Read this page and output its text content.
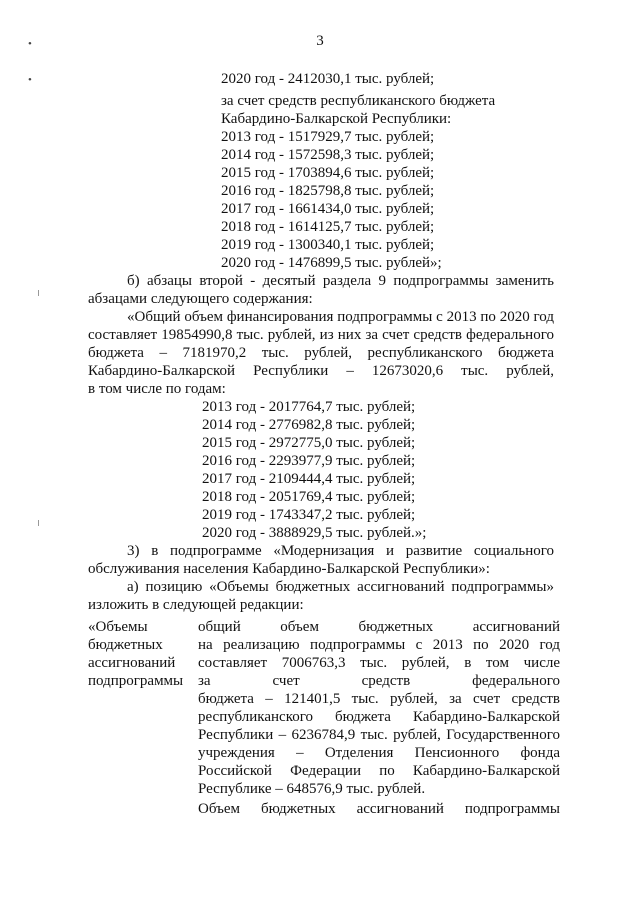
•
•
3
2020 год - 2412030,1 тыс. рублей;
за счет средств республиканского бюджета
Кабардино-Балкарской Республики:
2013 год - 1517929,7 тыс. рублей;
2014 год - 1572598,3 тыс. рублей;
2015 год - 1703894,6 тыс. рублей;
2016 год - 1825798,8 тыс. рублей;
2017 год - 1661434,0 тыс. рублей;
2018 год - 1614125,7 тыс. рублей;
2019 год - 1300340,1 тыс. рублей;
2020 год - 1476899,5 тыс. рублей»;
б) абзацы второй - десятый раздела 9 подпрограммы заменить
абзацами следующего содержания:
«Общий объем финансирования подпрограммы с 2013 по 2020 год
составляет 19854990,8 тыс. рублей, из них за счет средств федерального
бюджета – 7181970,2 тыс. рублей, республиканского бюджета
Кабардино-Балкарской Республики – 12673020,6 тыс. рублей,
в том числе по годам:
2013 год - 2017764,7 тыс. рублей;
2014 год - 2776982,8 тыс. рублей;
2015 год - 2972775,0 тыс. рублей;
2016 год - 2293977,9 тыс. рублей;
2017 год - 2109444,4 тыс. рублей;
2018 год - 2051769,4 тыс. рублей;
2019 год - 1743347,2 тыс. рублей;
2020 год - 3888929,5 тыс. рублей.»;
3) в подпрограмме «Модернизация и развитие социального
обслуживания населения Кабардино-Балкарской Республики»:
а) позицию «Объемы бюджетных ассигнований подпрограммы»
изложить в следующей редакции:
«Объемы
бюджетных
ассигнований
подпрограммы
общий объем бюджетных ассигнований
на реализацию подпрограммы с 2013 по 2020 год
составляет 7006763,3 тыс. рублей, в том числе
за счет средств федерального
бюджета – 121401,5 тыс. рублей, за счет средств
республиканского бюджета Кабардино-Балкарской
Республики – 6236784,9 тыс. рублей, Государственного
учреждения – Отделения Пенсионного фонда
Российской Федерации по Кабардино-Балкарской
Республике – 648576,9 тыс. рублей.
Объем бюджетных ассигнований подпрограммы
